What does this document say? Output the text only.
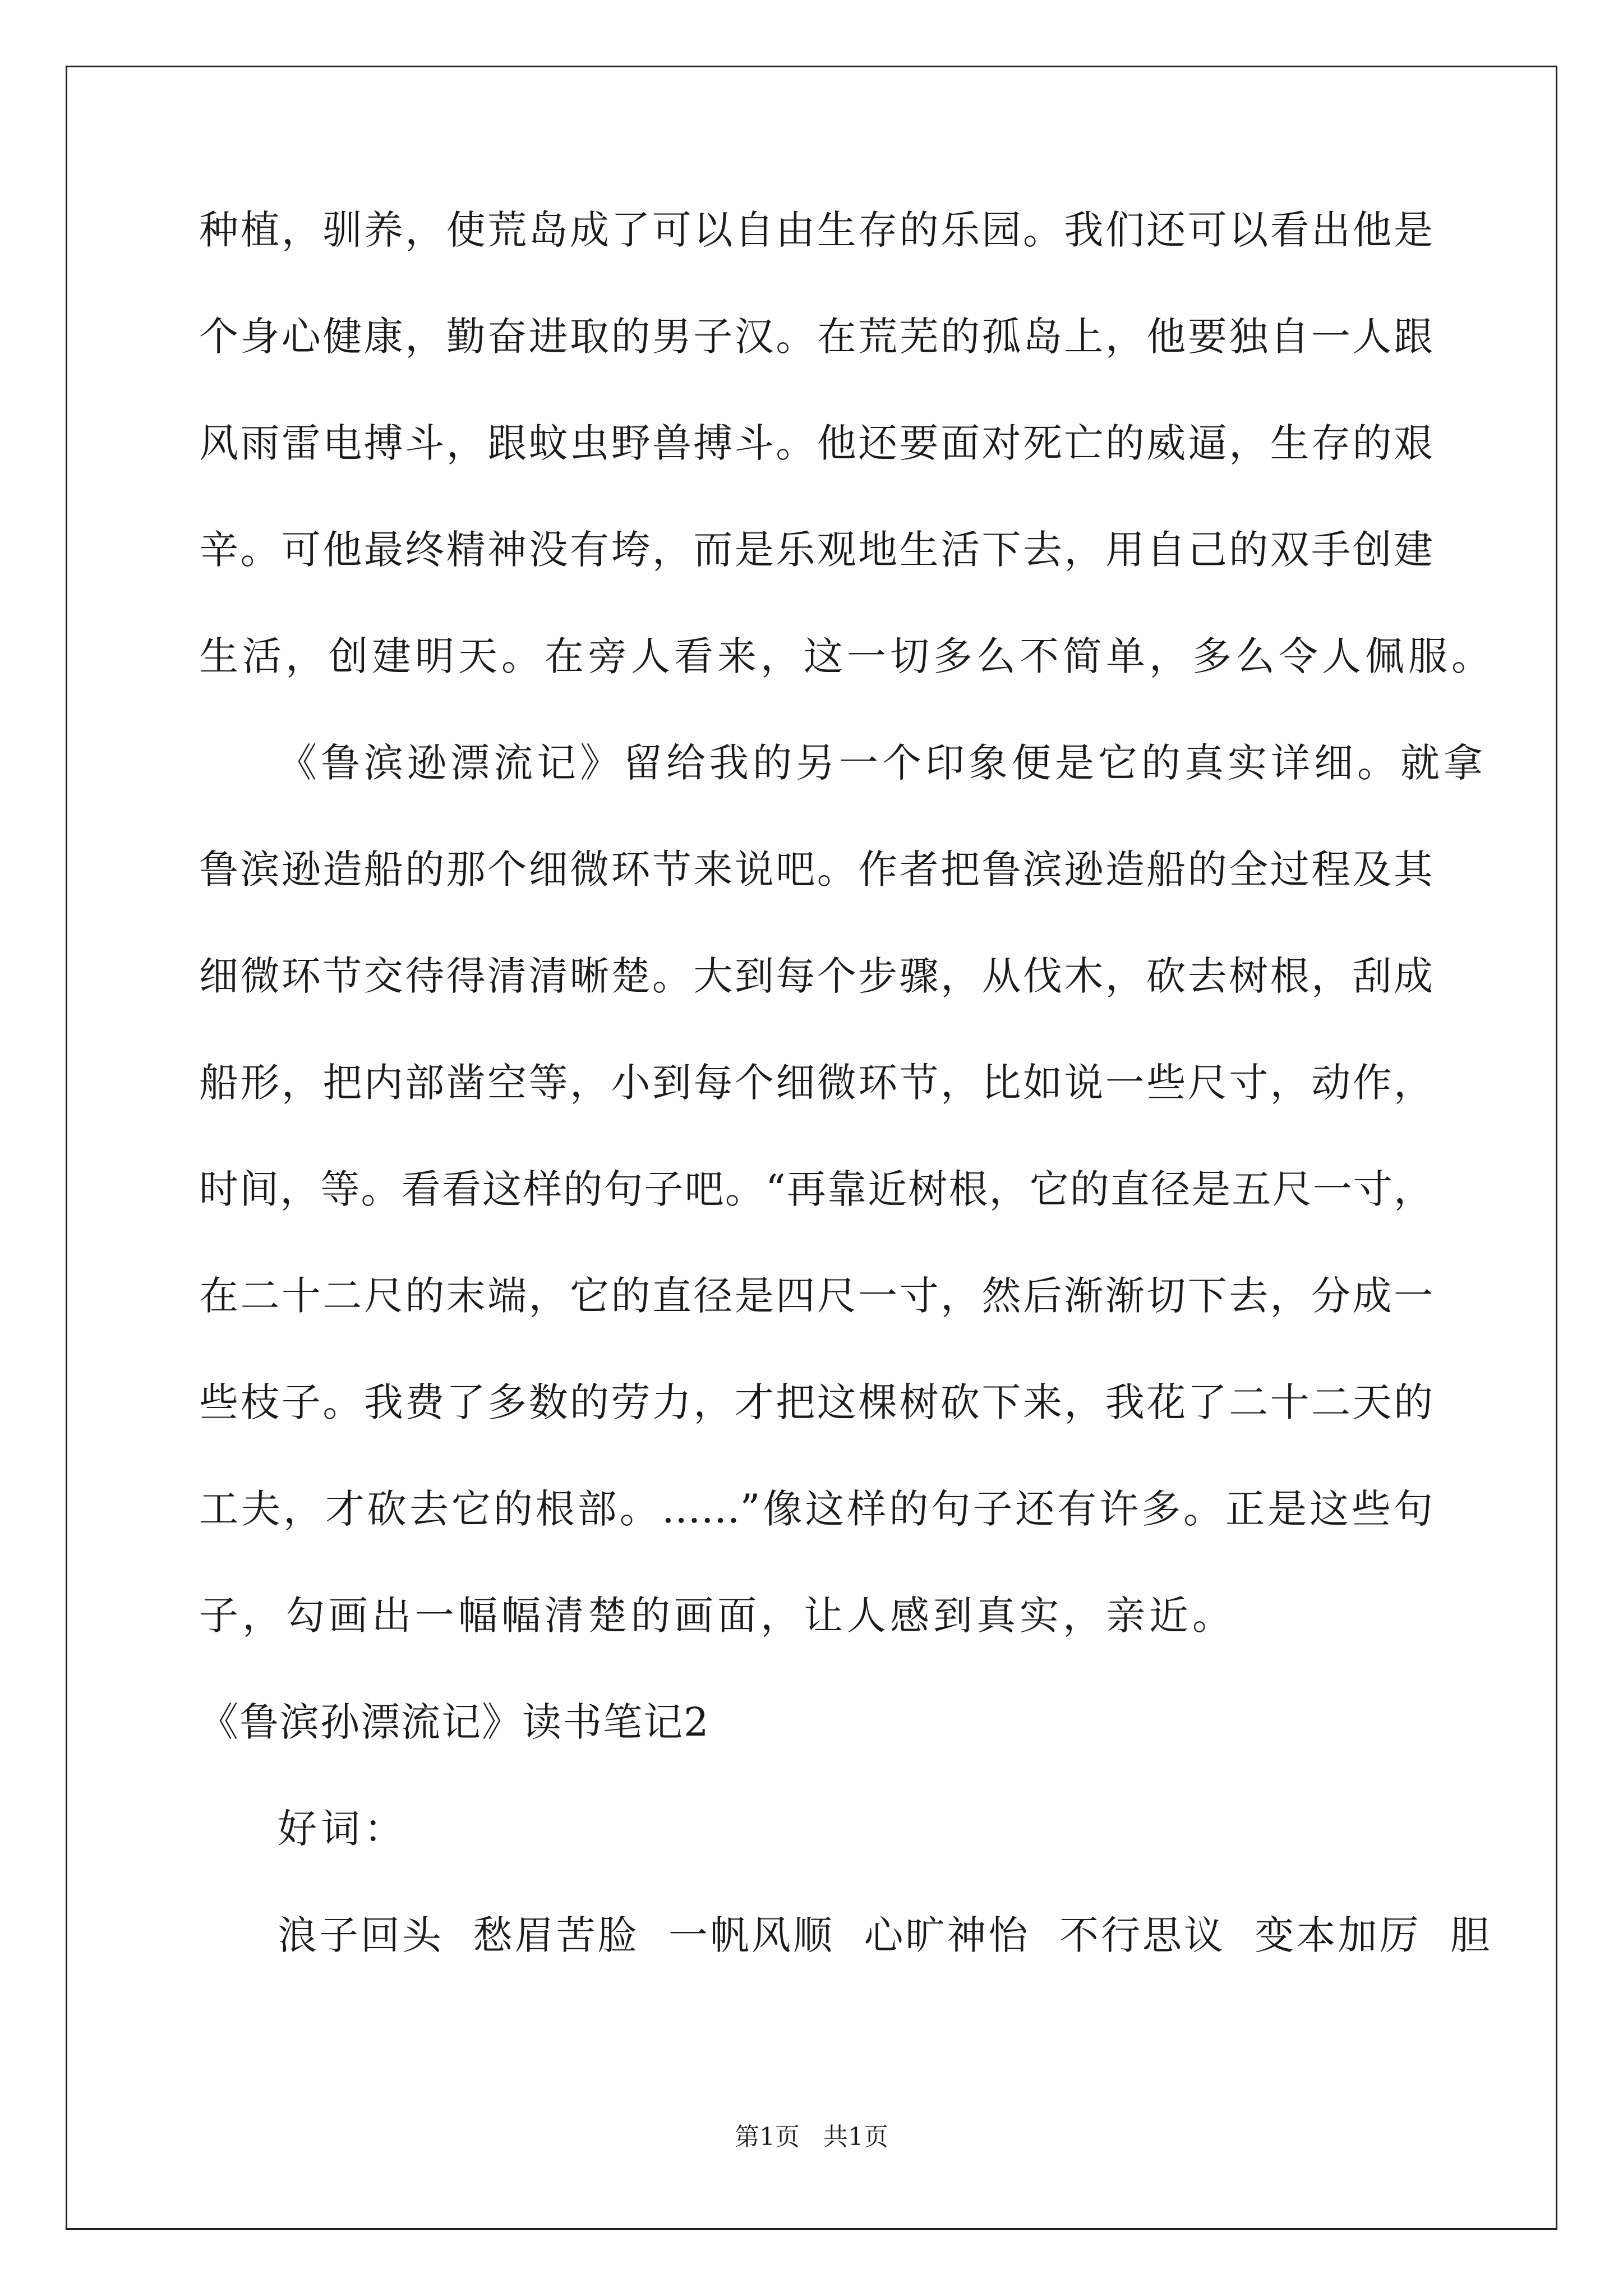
种植，驯养，使荒岛成了可以自由生存的乐园。我们还可以看出他是
个身心健康，勤奋进取的男子汉。在荒芜的孤岛上，他要独自一人跟
风雨雷电搏斗，跟蚊虫野兽搏斗。他还要面对死亡的威逼，生存的艰
辛。可他最终精神没有垮，而是乐观地生活下去，用自己的双手创建
生活，创建明天。在旁人看来，这一切多么不简单，多么令人佩服。
《鲁滨逊漂流记》留给我的另一个印象便是它的真实详细。就拿
鲁滨逊造船的那个细微环节来说吧。作者把鲁滨逊造船的全过程及其
细微环节交待得清清晰楚。大到每个步骤，从伐木，砍去树根，刮成
船形，把内部凿空等，小到每个细微环节，比如说一些尺寸，动作，
时间，等。看看这样的句子吧。“再靠近树根，它的直径是五尺一寸，
在二十二尺的末端，它的直径是四尺一寸，然后渐渐切下去，分成一
些枝子。我费了多数的劳力，才把这棵树砍下来，我花了二十二天的
工夫，才砍去它的根部。……”像这样的句子还有许多。正是这些句
子，勾画出一幅幅清楚的画面，让人感到真实，亲近。
《鲁滨孙漂流记》读书笔记2
好词：
浪子回头  愁眉苦脸  一帆风顺  心旷神怡  不行思议  变本加厉  胆
第1页   共1页
